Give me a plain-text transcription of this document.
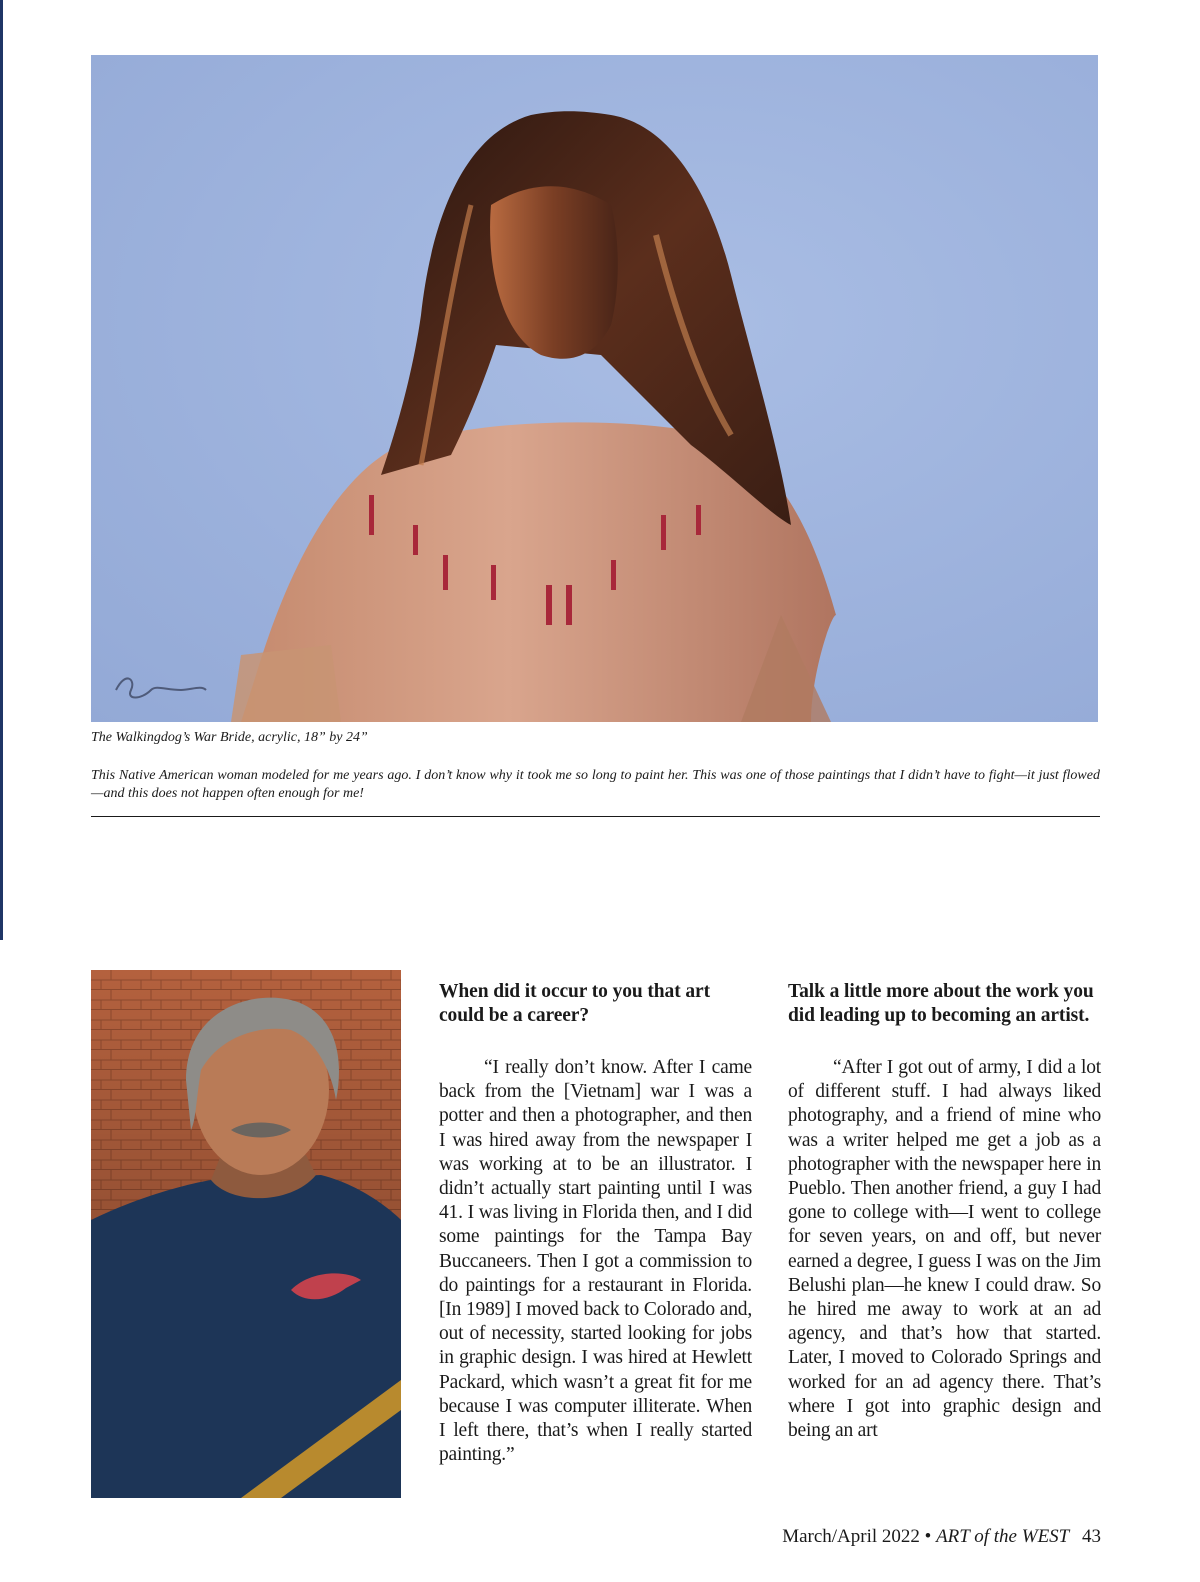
The Walkingdog’s War Bride, acrylic, 18” by 24”

This Native American woman modeled for me years ago. I don’t know why it took me so long to paint her. This was one of those paintings that I didn’t have to fight—it just flowed—and this does not happen often enough for me!

When did it occur to you that art could be a career?

“I really don’t know. After I came back from the [Vietnam] war I was a potter and then a photographer, and then I was hired away from the newspaper I was working at to be an illustrator. I didn’t actually start painting until I was 41. I was living in Florida then, and I did some paintings for the Tampa Bay Buccaneers. Then I got a commission to do paintings for a restaurant in Florida. [In 1989] I moved back to Colorado and, out of necessity, started looking for jobs in graphic design. I was hired at Hewlett Packard, which wasn’t a great fit for me because I was computer illiterate. When I left there, that’s when I really started painting.”

Talk a little more about the work you did leading up to becoming an artist.

“After I got out of army, I did a lot of different stuff. I had always liked photography, and a friend of mine who was a writer helped me get a job as a photographer with the newspaper here in Pueblo. Then another friend, a guy I had gone to college with—I went to college for seven years, on and off, but never earned a degree, I guess I was on the Jim Belushi plan—he knew I could draw. So he hired me away to work at an ad agency, and that’s how that started. Later, I moved to Colorado Springs and worked for an ad agency there. That’s where I got into graphic design and being an art

March/April 2022 • ART of the WEST 43
